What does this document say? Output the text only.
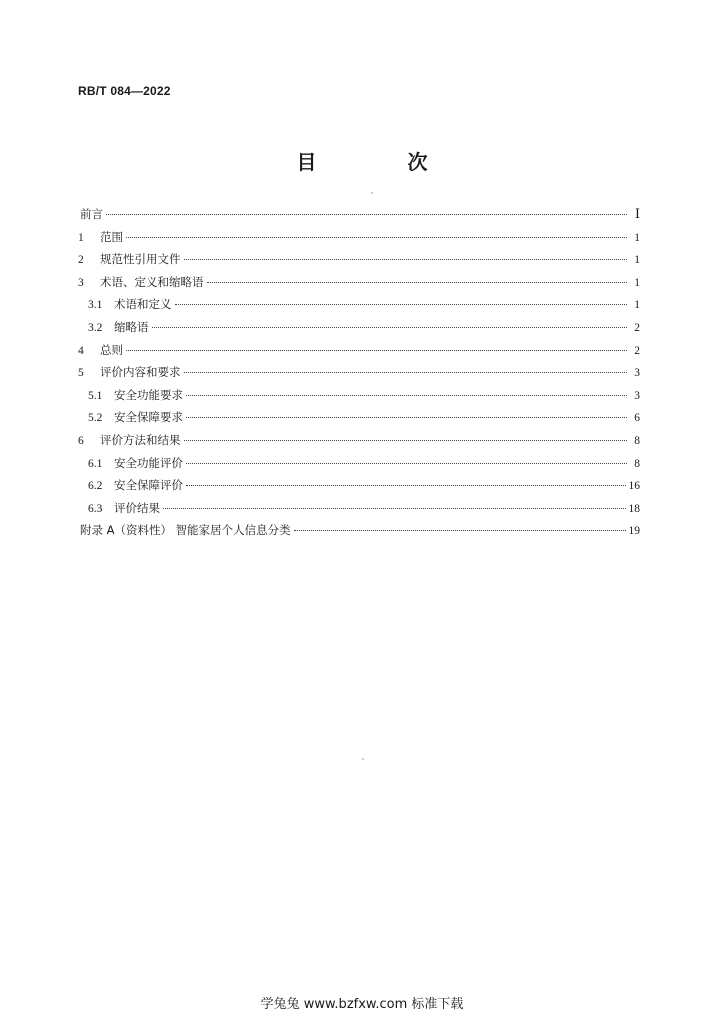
RB/T 084—2022
目 次
前言	Ⅰ
1	范围	1
2	规范性引用文件	1
3	术语、定义和缩略语	1
3.1	术语和定义	1
3.2	缩略语	2
4	总则	2
5	评价内容和要求	3
5.1	安全功能要求	3
5.2	安全保障要求	6
6	评价方法和结果	8
6.1	安全功能评价	8
6.2	安全保障评价	16
6.3	评价结果	18
附录 A（资料性） 智能家居个人信息分类	19
学兔兔 www.bzfxw.com 标准下载
